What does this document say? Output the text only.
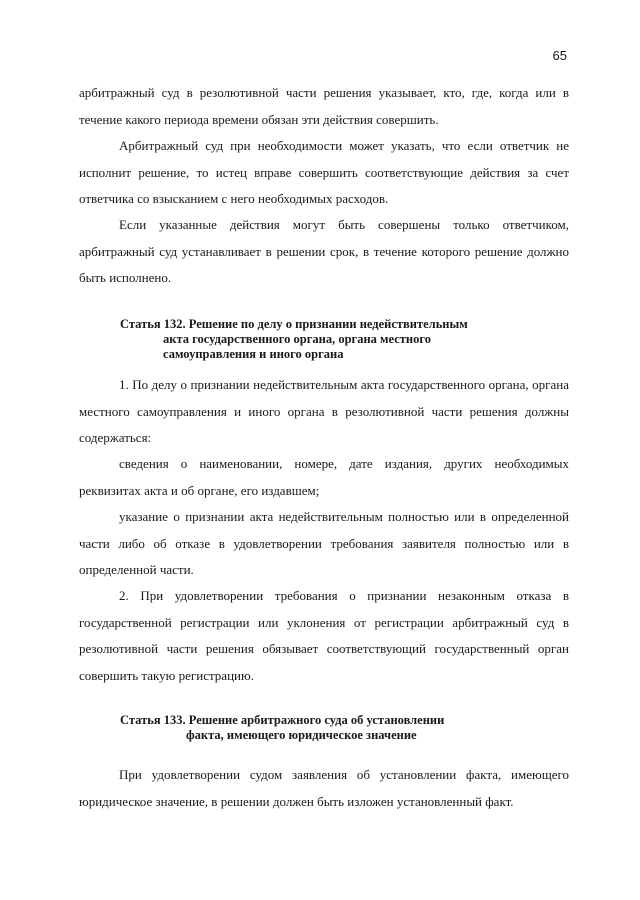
65

арбитражный суд в резолютивной части решения указывает, кто, где, когда или в течение какого периода времени обязан эти действия совершить.

Арбитражный суд при необходимости может указать, что если ответчик не исполнит решение, то истец вправе совершить соответствующие действия за счет ответчика со взысканием с него необходимых расходов.

Если указанные действия могут быть совершены только ответчиком, арбитражный суд устанавливает в решении срок, в течение которого решение должно быть исполнено.

Статья 132. Решение по делу о признании недействительным
акта государственного органа, органа местного
самоуправления и иного органа

1. По делу о признании недействительным акта государственного органа, органа местного самоуправления и иного органа в резолютивной части решения должны содержаться:

сведения о наименовании, номере, дате издания, других необходимых реквизитах акта и об органе, его издавшем;

указание о признании акта недействительным полностью или в определенной части либо об отказе в удовлетворении требования заявителя полностью или в определенной части.

2. При удовлетворении требования о признании незаконным отказа в государственной регистрации или уклонения от регистрации арбитражный суд в резолютивной части решения обязывает соответствующий государственный орган совершить такую регистрацию.

Статья 133. Решение арбитражного суда об установлении
факта, имеющего юридическое значение

При удовлетворении судом заявления об установлении факта, имеющего юридическое значение, в решении должен быть изложен установленный факт.
